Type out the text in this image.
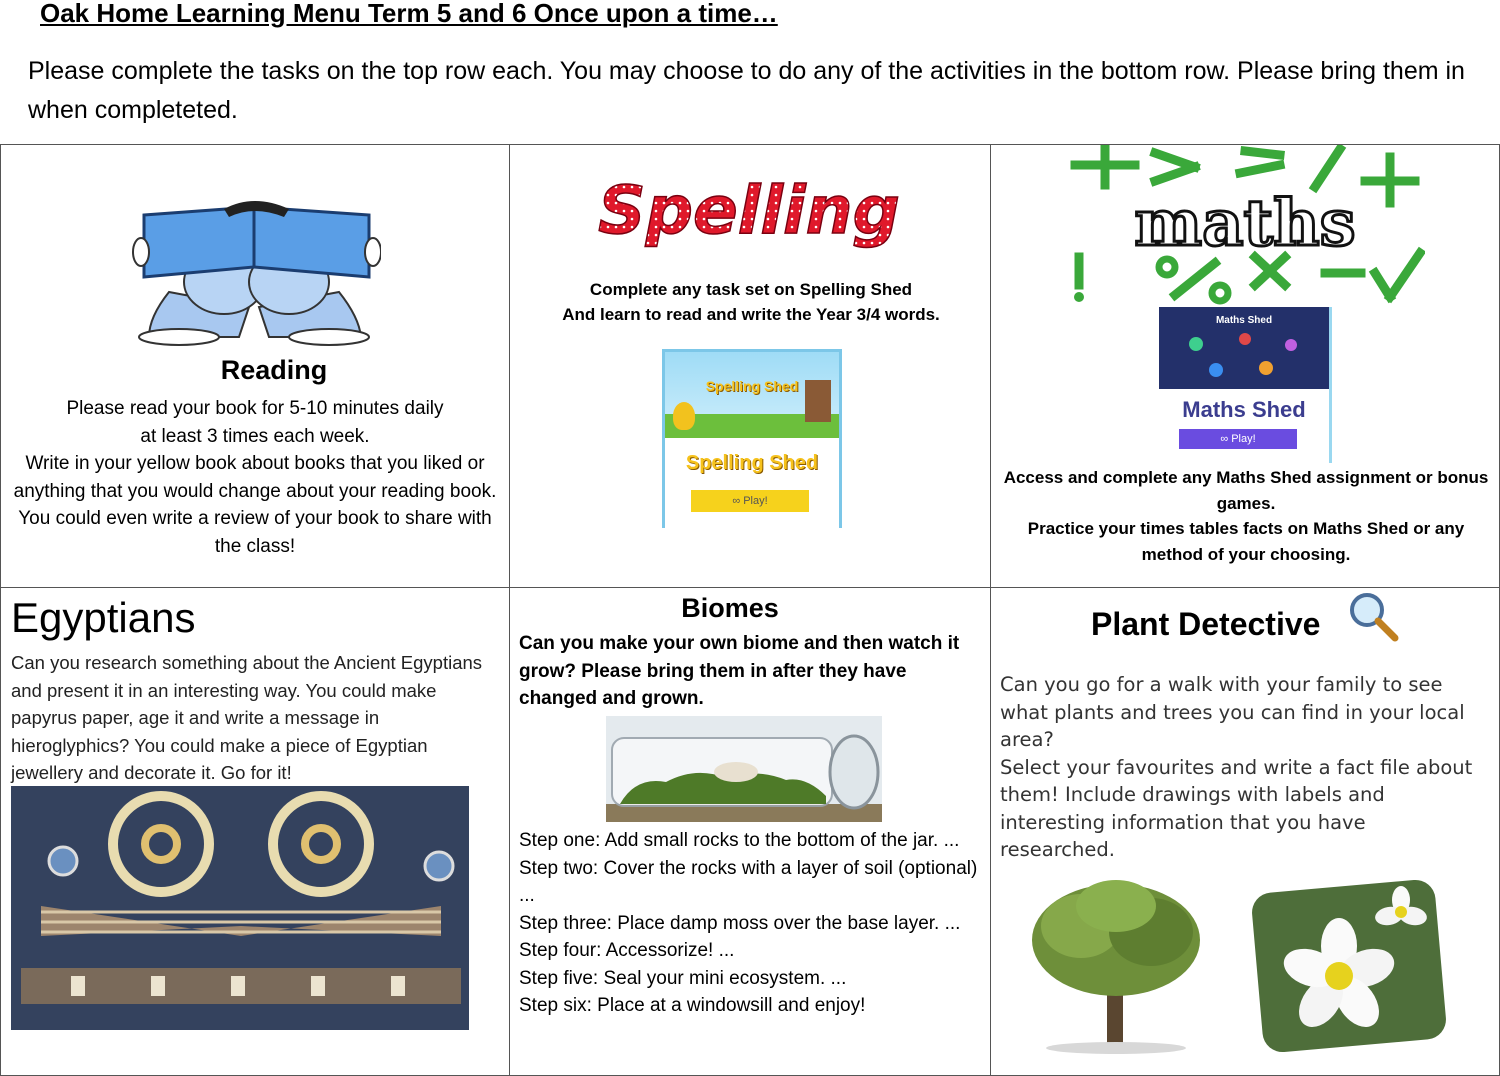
Oak Home Learning Menu Term 5 and 6 Once upon a time…
Please complete the tasks on the top row each. You may choose to do any of the activities in the bottom row. Please bring them in when completeted.
Reading
Please read your book for 5-10 minutes daily
at least 3 times each week.
Write in your yellow book about books that you liked or anything that you would change about your reading book. You could even write a review of your book to share with the class!
Spelling
Complete any task set on Spelling Shed
And learn to read and write the Year 3/4 words.
Spelling Shed
Spelling Shed
∞ Play!
maths
Maths Shed
Maths Shed
∞ Play!
Access and complete any Maths Shed assignment or bonus games.
Practice your times tables facts on Maths Shed or any method of your choosing.
Egyptians
Can you research something about the Ancient Egyptians and present it in an interesting way. You could make papyrus paper, age it and write a message in hieroglyphics? You could make a piece of Egyptian jewellery and decorate it. Go for it!
Biomes
Can you make your own biome and then watch it grow? Please bring them in after they have changed and grown.
Step one: Add small rocks to the bottom of the jar. ...
Step two: Cover the rocks with a layer of soil (optional) ...
Step three: Place damp moss over the base layer. ...
Step four: Accessorize! ...
Step five: Seal your mini ecosystem. ...
Step six: Place at a windowsill and enjoy!
Plant Detective
Can you go for a walk with your family to see what plants and trees you can find in your local area?
Select your favourites and write a fact file about them! Include drawings with labels and interesting information that you have researched.
